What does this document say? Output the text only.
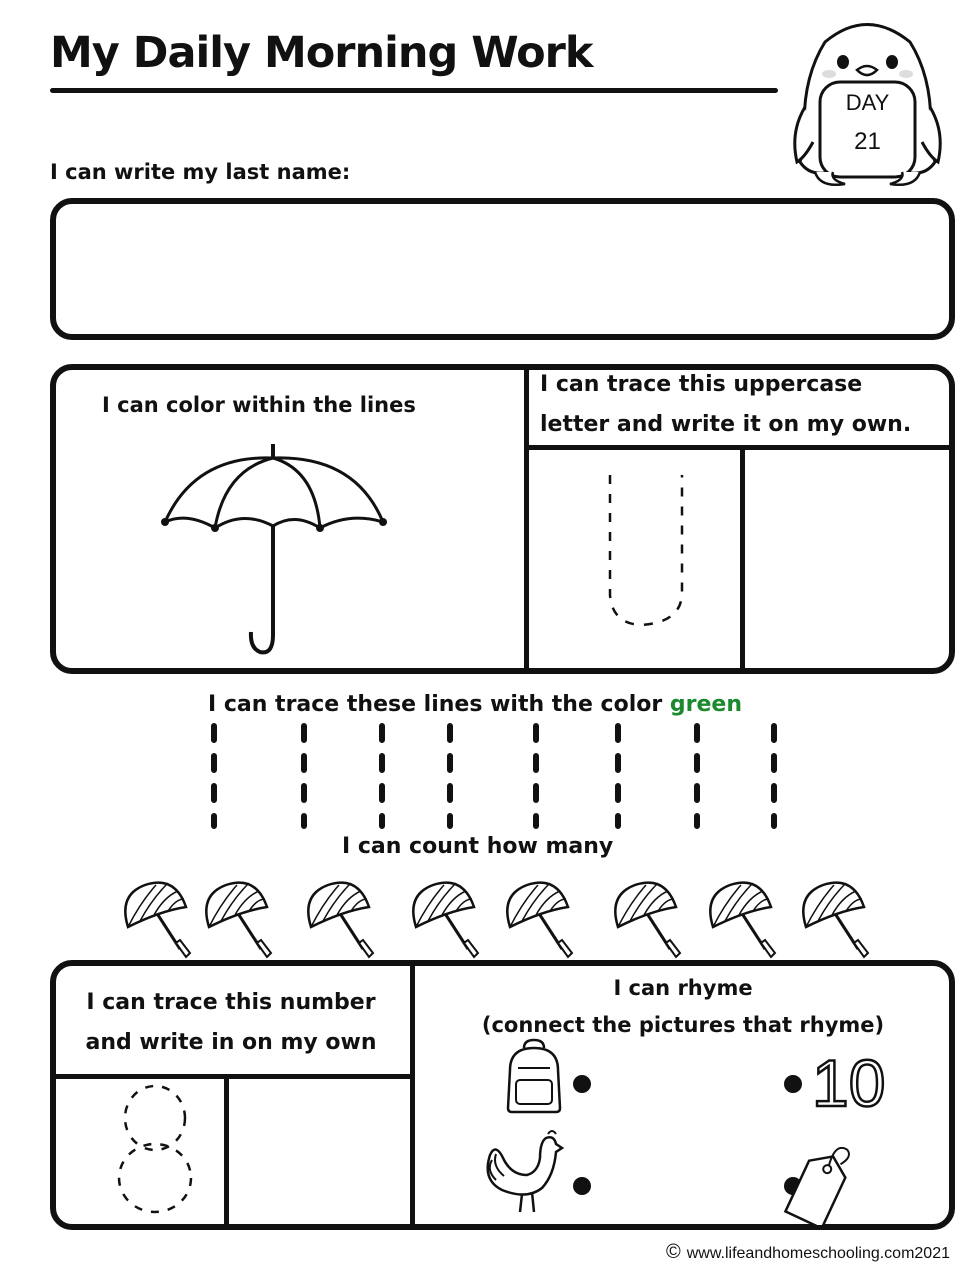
My Daily Morning Work
DAY
21
I can write my last name:
I can color within the lines
I can trace this uppercase
letter and write it on my own.
I can trace these lines with the color green
I can count how many
I can trace this number
and write in on my own
I can rhyme
(connect the pictures that rhyme)
10
© www.lifeandhomeschooling.com2021
